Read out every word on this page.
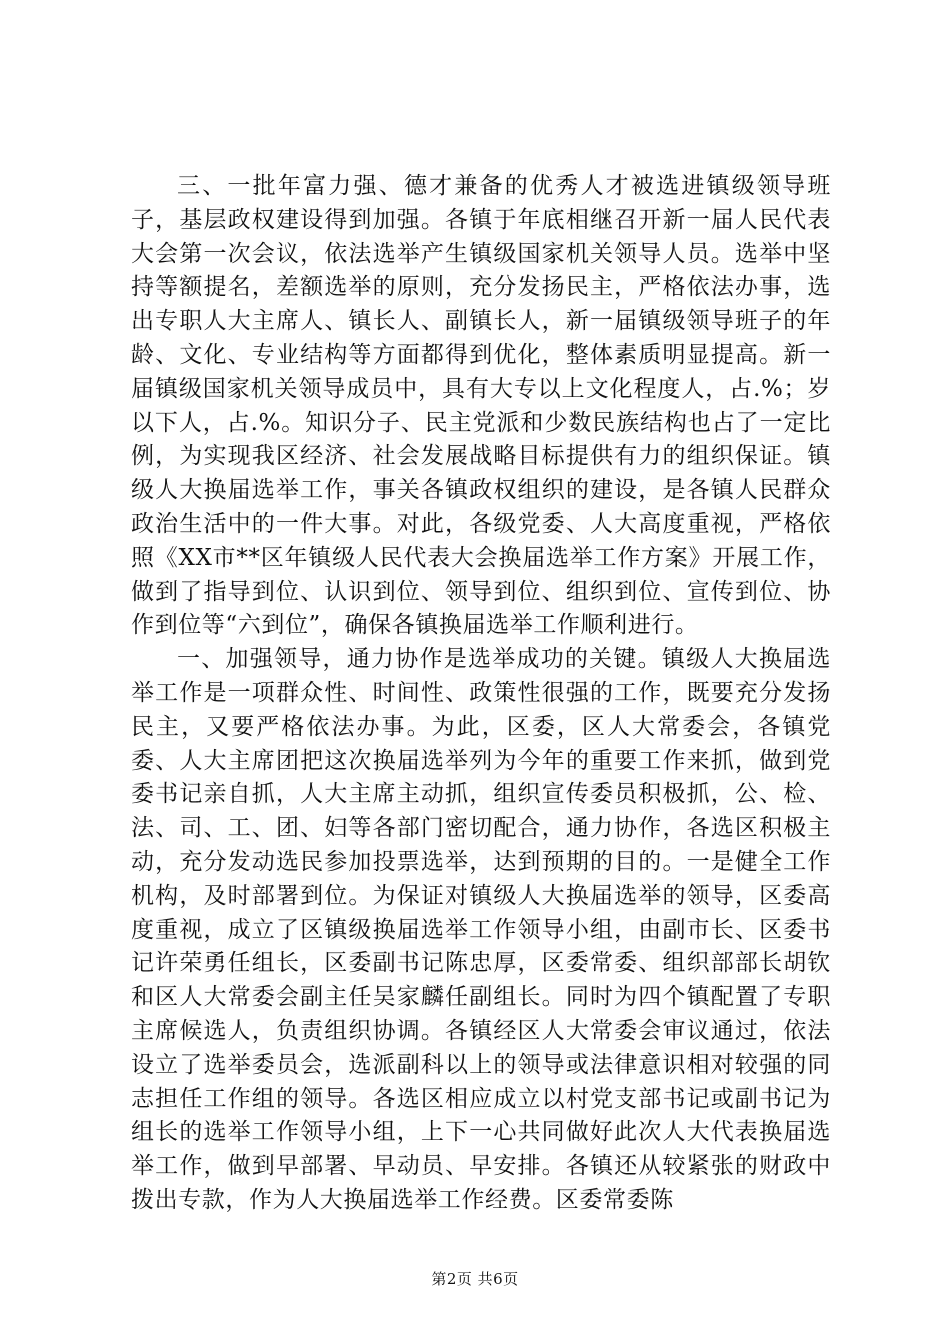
三、一批年富力强、德才兼备的优秀人才被选进镇级领导班子，基层政权建设得到加强。各镇于年底相继召开新一届人民代表大会第一次会议，依法选举产生镇级国家机关领导人员。选举中坚持等额提名，差额选举的原则，充分发扬民主，严格依法办事，选出专职人大主席人、镇长人、副镇长人，新一届镇级领导班子的年龄、文化、专业结构等方面都得到优化，整体素质明显提高。新一届镇级国家机关领导成员中，具有大专以上文化程度人，占.%；岁以下人，占.%。知识分子、民主党派和少数民族结构也占了一定比例，为实现我区经济、社会发展战略目标提供有力的组织保证。镇级人大换届选举工作，事关各镇政权组织的建设，是各镇人民群众政治生活中的一件大事。对此，各级党委、人大高度重视，严格依照《XX市**区年镇级人民代表大会换届选举工作方案》开展工作，做到了指导到位、认识到位、领导到位、组织到位、宣传到位、协作到位等“六到位”，确保各镇换届选举工作顺利进行。

一、加强领导，通力协作是选举成功的关键。镇级人大换届选举工作是一项群众性、时间性、政策性很强的工作，既要充分发扬民主，又要严格依法办事。为此，区委，区人大常委会，各镇党委、人大主席团把这次换届选举列为今年的重要工作来抓，做到党委书记亲自抓，人大主席主动抓，组织宣传委员积极抓，公、检、法、司、工、团、妇等各部门密切配合，通力协作，各选区积极主动，充分发动选民参加投票选举，达到预期的目的。一是健全工作机构，及时部署到位。为保证对镇级人大换届选举的领导，区委高度重视，成立了区镇级换届选举工作领导小组，由副市长、区委书记许荣勇任组长，区委副书记陈忠厚，区委常委、组织部部长胡钦和区人大常委会副主任吴家麟任副组长。同时为四个镇配置了专职主席候选人，负责组织协调。各镇经区人大常委会审议通过，依法设立了选举委员会，选派副科以上的领导或法律意识相对较强的同志担任工作组的领导。各选区相应成立以村党支部书记或副书记为组长的选举工作领导小组，上下一心共同做好此次人大代表换届选举工作，做到早部署、早动员、早安排。各镇还从较紧张的财政中拨出专款，作为人大换届选举工作经费。区委常委陈

第2页 共6页
